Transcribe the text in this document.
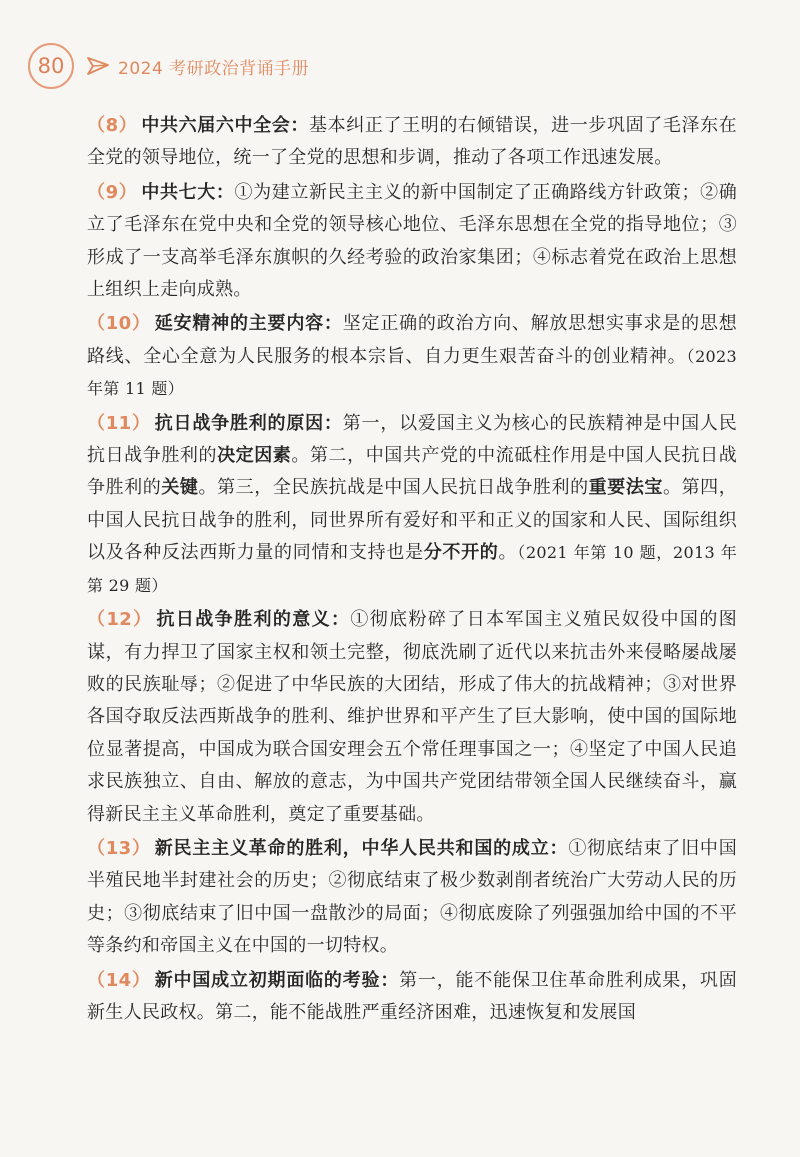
80	2024 考研政治背诵手册

（8） 中共六届六中全会：基本纠正了王明的右倾错误，进一步巩固了毛泽东在全党的领导地位，统一了全党的思想和步调，推动了各项工作迅速发展。

（9） 中共七大：①为建立新民主主义的新中国制定了正确路线方针政策；②确立了毛泽东在党中央和全党的领导核心地位、毛泽东思想在全党的指导地位；③形成了一支高举毛泽东旗帜的久经考验的政治家集团；④标志着党在政治上思想上组织上走向成熟。

（10） 延安精神的主要内容：坚定正确的政治方向、解放思想实事求是的思想路线、全心全意为人民服务的根本宗旨、自力更生艰苦奋斗的创业精神。（2023 年第 11 题）

（11） 抗日战争胜利的原因：第一，以爱国主义为核心的民族精神是中国人民抗日战争胜利的决定因素。第二，中国共产党的中流砥柱作用是中国人民抗日战争胜利的关键。第三，全民族抗战是中国人民抗日战争胜利的重要法宝。第四，中国人民抗日战争的胜利，同世界所有爱好和平和正义的国家和人民、国际组织以及各种反法西斯力量的同情和支持也是分不开的。（2021 年第 10 题，2013 年第 29 题）

（12） 抗日战争胜利的意义：①彻底粉碎了日本军国主义殖民奴役中国的图谋，有力捍卫了国家主权和领土完整，彻底洗刷了近代以来抗击外来侵略屡战屡败的民族耻辱；②促进了中华民族的大团结，形成了伟大的抗战精神；③对世界各国夺取反法西斯战争的胜利、维护世界和平产生了巨大影响，使中国的国际地位显著提高，中国成为联合国安理会五个常任理事国之一；④坚定了中国人民追求民族独立、自由、解放的意志，为中国共产党团结带领全国人民继续奋斗，赢得新民主主义革命胜利，奠定了重要基础。

（13） 新民主主义革命的胜利，中华人民共和国的成立：①彻底结束了旧中国半殖民地半封建社会的历史；②彻底结束了极少数剥削者统治广大劳动人民的历史；③彻底结束了旧中国一盘散沙的局面；④彻底废除了列强强加给中国的不平等条约和帝国主义在中国的一切特权。

（14） 新中国成立初期面临的考验：第一，能不能保卫住革命胜利成果，巩固新生人民政权。第二，能不能战胜严重经济困难，迅速恢复和发展国
